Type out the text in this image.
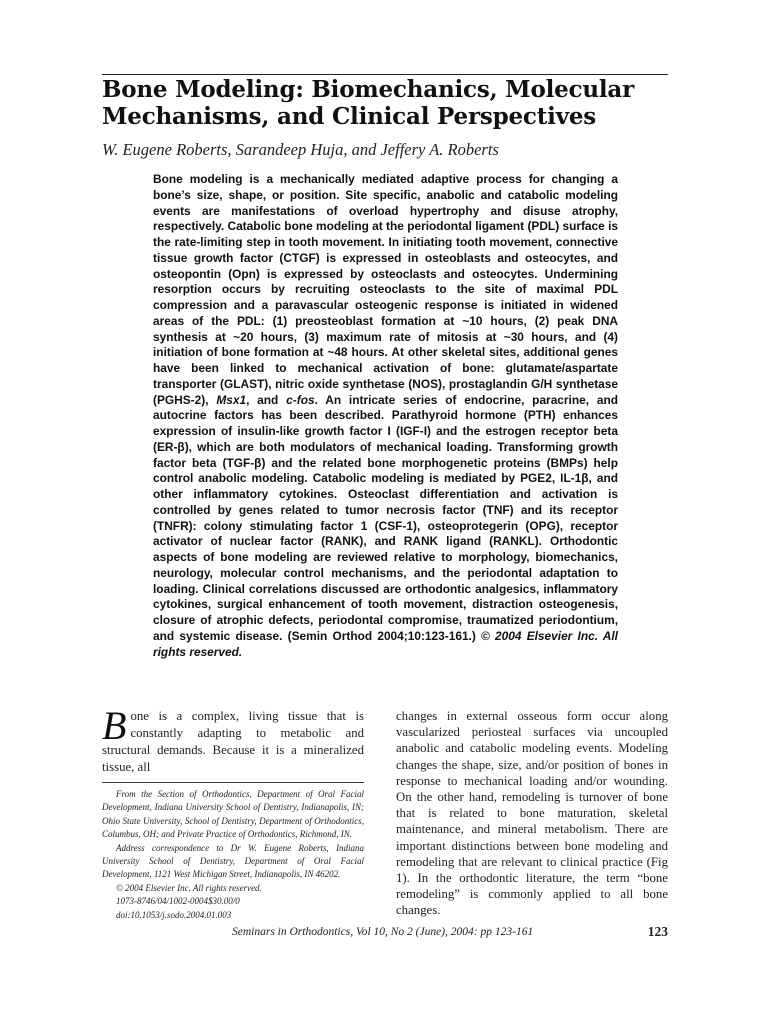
Bone Modeling: Biomechanics, Molecular Mechanisms, and Clinical Perspectives
W. Eugene Roberts, Sarandeep Huja, and Jeffery A. Roberts

Bone modeling is a mechanically mediated adaptive process for changing a bone’s size, shape, or position. Site specific, anabolic and catabolic modeling events are manifestations of overload hypertrophy and disuse atrophy, respectively. Catabolic bone modeling at the periodontal ligament (PDL) surface is the rate-limiting step in tooth movement. In initiating tooth movement, connective tissue growth factor (CTGF) is expressed in osteoblasts and osteocytes, and osteopontin (Opn) is expressed by osteoclasts and osteocytes. Undermining resorption occurs by recruiting osteoclasts to the site of maximal PDL compression and a paravascular osteogenic response is initiated in widened areas of the PDL: (1) preosteoblast formation at ~10 hours, (2) peak DNA synthesis at ~20 hours, (3) maximum rate of mitosis at ~30 hours, and (4) initiation of bone formation at ~48 hours. At other skeletal sites, additional genes have been linked to mechanical activation of bone: glutamate/aspartate transporter (GLAST), nitric oxide synthetase (NOS), prostaglandin G/H synthetase (PGHS-2), Msx1, and c-fos. An intricate series of endocrine, paracrine, and autocrine factors has been described. Parathyroid hormone (PTH) enhances expression of insulin-like growth factor I (IGF-I) and the estrogen receptor beta (ER-β), which are both modulators of mechanical loading. Transforming growth factor beta (TGF-β) and the related bone morphogenetic proteins (BMPs) help control anabolic modeling. Catabolic modeling is mediated by PGE2, IL-1β, and other inflammatory cytokines. Osteoclast differentiation and activation is controlled by genes related to tumor necrosis factor (TNF) and its receptor (TNFR): colony stimulating factor 1 (CSF-1), osteoprotegerin (OPG), receptor activator of nuclear factor (RANK), and RANK ligand (RANKL). Orthodontic aspects of bone modeling are reviewed relative to morphology, biomechanics, neurology, molecular control mechanisms, and the periodontal adaptation to loading. Clinical correlations discussed are orthodontic analgesics, inflammatory cytokines, surgical enhancement of tooth movement, distraction osteogenesis, closure of atrophic defects, periodontal compromise, traumatized periodontium, and systemic disease. (Semin Orthod 2004;10:123-161.) © 2004 Elsevier Inc. All rights reserved.

Bone is a complex, living tissue that is constantly adapting to metabolic and structural demands. Because it is a mineralized tissue, all

From the Section of Orthodontics, Department of Oral Facial Development, Indiana University School of Dentistry, Indianapolis, IN; Ohio State University, School of Dentistry, Department of Orthodontics, Columbus, OH; and Private Practice of Orthodontics, Richmond, IN.

Address correspondence to Dr W. Eugene Roberts, Indiana University School of Dentistry, Department of Oral Facial Development, 1121 West Michigan Street, Indianapolis, IN 46202.

© 2004 Elsevier Inc. All rights reserved.

1073-8746/04/1002-0004$30.00/0

doi:10.1053/j.sodo.2004.01.003

changes in external osseous form occur along vascularized periosteal surfaces via uncoupled anabolic and catabolic modeling events. Modeling changes the shape, size, and/or position of bones in response to mechanical loading and/or wounding. On the other hand, remodeling is turnover of bone that is related to bone maturation, skeletal maintenance, and mineral metabolism. There are important distinctions between bone modeling and remodeling that are relevant to clinical practice (Fig 1). In the orthodontic literature, the term “bone remodeling” is commonly applied to all bone changes.
Seminars in Orthodontics, Vol 10, No 2 (June), 2004: pp 123-161	123
